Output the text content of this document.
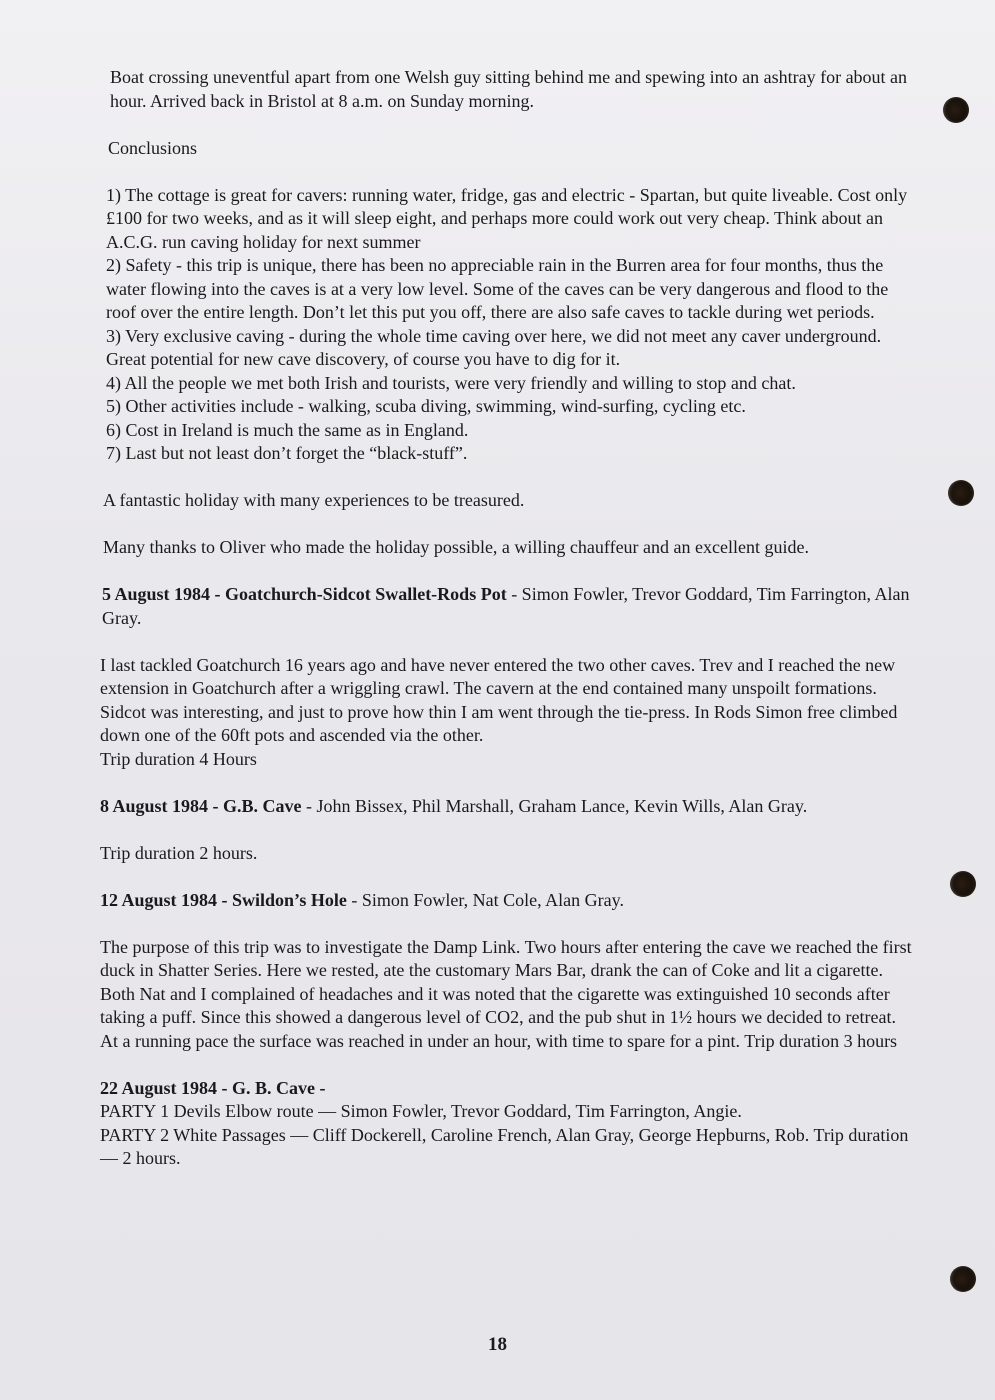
Boat crossing uneventful apart from one Welsh guy sitting behind me and spewing into an ashtray for about an hour. Arrived back in Bristol at 8 a.m. on Sunday morning.

Conclusions

1) The cottage is great for cavers: running water, fridge, gas and electric - Spartan, but quite liveable. Cost only £100 for two weeks, and as it will sleep eight, and perhaps more could work out very cheap. Think about an A.C.G. run caving holiday for next summer

2) Safety - this trip is unique, there has been no appreciable rain in the Burren area for four months, thus the water flowing into the caves is at a very low level. Some of the caves can be very dangerous and flood to the roof over the entire length. Don’t let this put you off, there are also safe caves to tackle during wet periods.

3) Very exclusive caving - during the whole time caving over here, we did not meet any caver underground. Great potential for new cave discovery, of course you have to dig for it.

4) All the people we met both Irish and tourists, were very friendly and willing to stop and chat.

5) Other activities include - walking, scuba diving, swimming, wind-surfing, cycling etc.

6) Cost in Ireland is much the same as in England.

7) Last but not least don’t forget the “black-stuff”.

A fantastic holiday with many experiences to be treasured.

Many thanks to Oliver who made the holiday possible, a willing chauffeur and an excellent guide.

5 August 1984 - Goatchurch-Sidcot Swallet-Rods Pot - Simon Fowler, Trevor Goddard, Tim Farrington, Alan Gray.

I last tackled Goatchurch 16 years ago and have never entered the two other caves. Trev and I reached the new extension in Goatchurch after a wriggling crawl. The cavern at the end contained many unspoilt formations. Sidcot was interesting, and just to prove how thin I am went through the tie-press. In Rods Simon free climbed down one of the 60ft pots and ascended via the other.

Trip duration 4 Hours

8 August 1984 - G.B. Cave - John Bissex, Phil Marshall, Graham Lance, Kevin Wills, Alan Gray.

Trip duration 2 hours.

12 August 1984 - Swildon’s Hole - Simon Fowler, Nat Cole, Alan Gray.

The purpose of this trip was to investigate the Damp Link. Two hours after entering the cave we reached the first duck in Shatter Series. Here we rested, ate the customary Mars Bar, drank the can of Coke and lit a cigarette. Both Nat and I complained of headaches and it was noted that the cigarette was extinguished 10 seconds after taking a puff. Since this showed a dangerous level of CO2, and the pub shut in 1½ hours we decided to retreat. At a running pace the surface was reached in under an hour, with time to spare for a pint. Trip duration 3 hours

22 August 1984 - G. B. Cave -

PARTY 1 Devils Elbow route — Simon Fowler, Trevor Goddard, Tim Farrington, Angie.

PARTY 2 White Passages — Cliff Dockerell, Caroline French, Alan Gray, George Hepburns, Rob. Trip duration — 2 hours.

18
